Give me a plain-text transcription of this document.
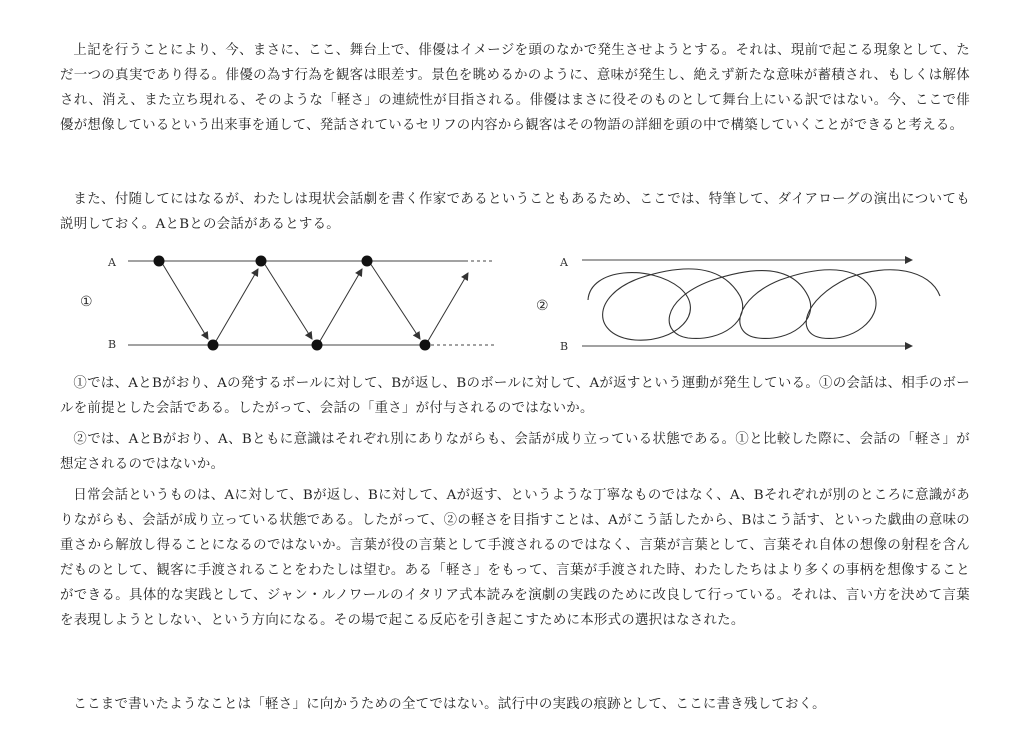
上記を行うことにより、今、まさに、ここ、舞台上で、俳優はイメージを頭のなかで発生させようとする。それは、現前で起こる現象として、ただ一つの真実であり得る。俳優の為す行為を観客は眼差す。景色を眺めるかのように、意味が発生し、絶えず新たな意味が蓄積され、もしくは解体され、消え、また立ち現れる、そのような「軽さ」の連続性が目指される。俳優はまさに役そのものとして舞台上にいる訳ではない。今、ここで俳優が想像しているという出来事を通して、発話されているセリフの内容から観客はその物語の詳細を頭の中で構築していくことができると考える。

また、付随してにはなるが、わたしは現状会話劇を書く作家であるということもあるため、ここでは、特筆して、ダイアローグの演出についても説明しておく。AとBとの会話があるとする。

A
B
①
A
B
②

①では、AとBがおり、Aの発するボールに対して、Bが返し、Bのボールに対して、Aが返すという運動が発生している。①の会話は、相手のボールを前提とした会話である。したがって、会話の「重さ」が付与されるのではないか。

②では、AとBがおり、A、Bともに意識はそれぞれ別にありながらも、会話が成り立っている状態である。①と比較した際に、会話の「軽さ」が想定されるのではないか。

日常会話というものは、Aに対して、Bが返し、Bに対して、Aが返す、というような丁寧なものではなく、A、Bそれぞれが別のところに意識がありながらも、会話が成り立っている状態である。したがって、②の軽さを目指すことは、Aがこう話したから、Bはこう話す、といった戯曲の意味の重さから解放し得ることになるのではないか。言葉が役の言葉として手渡されるのではなく、言葉が言葉として、言葉それ自体の想像の射程を含んだものとして、観客に手渡されることをわたしは望む。ある「軽さ」をもって、言葉が手渡された時、わたしたちはより多くの事柄を想像することができる。具体的な実践として、ジャン・ルノワールのイタリア式本読みを演劇の実践のために改良して行っている。それは、言い方を決めて言葉を表現しようとしない、という方向になる。その場で起こる反応を引き起こすために本形式の選択はなされた。

ここまで書いたようなことは「軽さ」に向かうための全てではない。試行中の実践の痕跡として、ここに書き残しておく。
